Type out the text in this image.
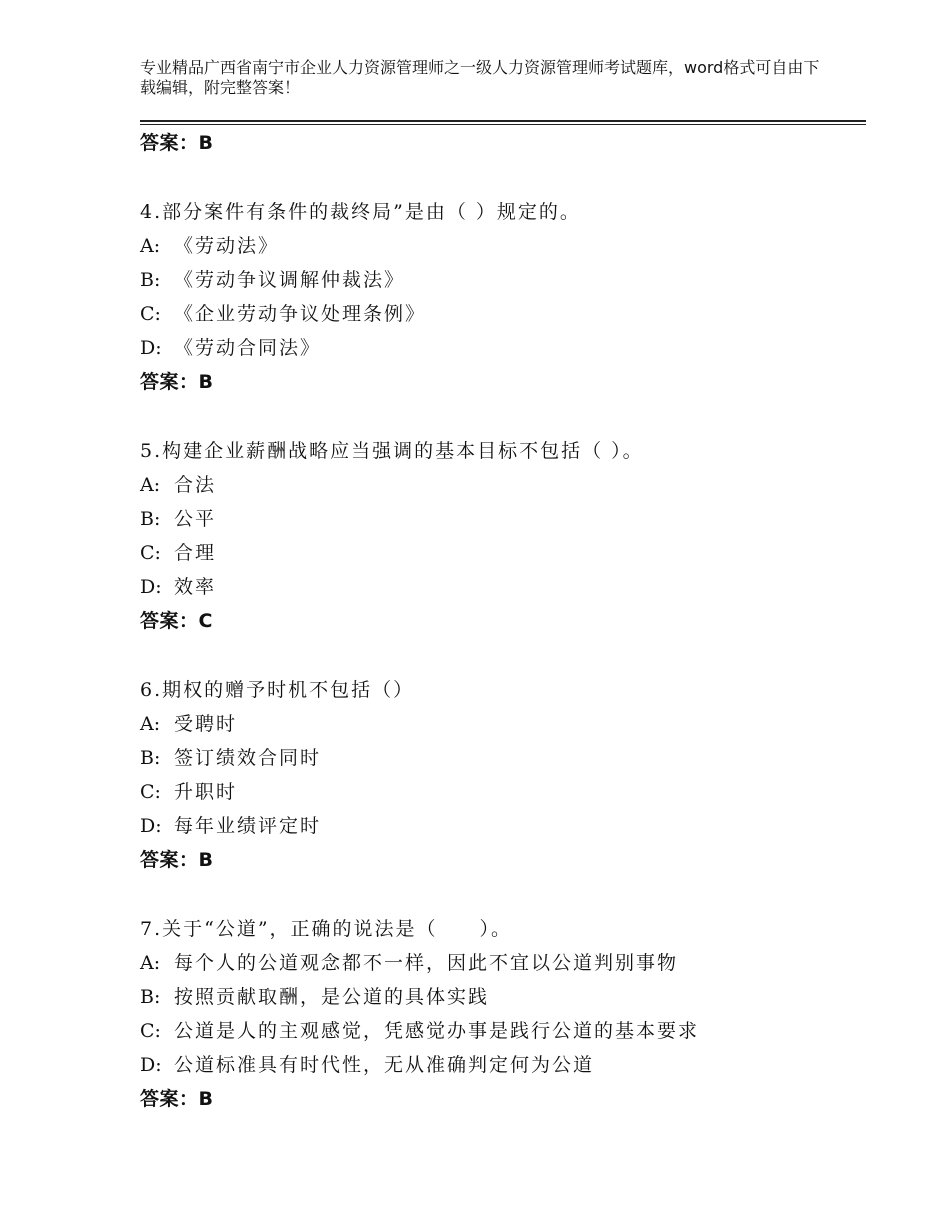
专业精品广西省南宁市企业人力资源管理师之一级人力资源管理师考试题库，word格式可自由下载编辑，附完整答案！
答案：B
4.部分案件有条件的裁终局”是由（ ）规定的。
A: 《劳动法》
B: 《劳动争议调解仲裁法》
C: 《企业劳动争议处理条例》
D: 《劳动合同法》
答案：B
5.构建企业薪酬战略应当强调的基本目标不包括（ ）。
A: 合法
B: 公平
C: 合理
D: 效率
答案：C
6.期权的赠予时机不包括（）
A: 受聘时
B: 签订绩效合同时
C: 升职时
D: 每年业绩评定时
答案：B
7.关于“公道”，正确的说法是（　　）。
A: 每个人的公道观念都不一样，因此不宜以公道判别事物
B: 按照贡献取酬，是公道的具体实践
C: 公道是人的主观感觉，凭感觉办事是践行公道的基本要求
D: 公道标准具有时代性，无从准确判定何为公道
答案：B
